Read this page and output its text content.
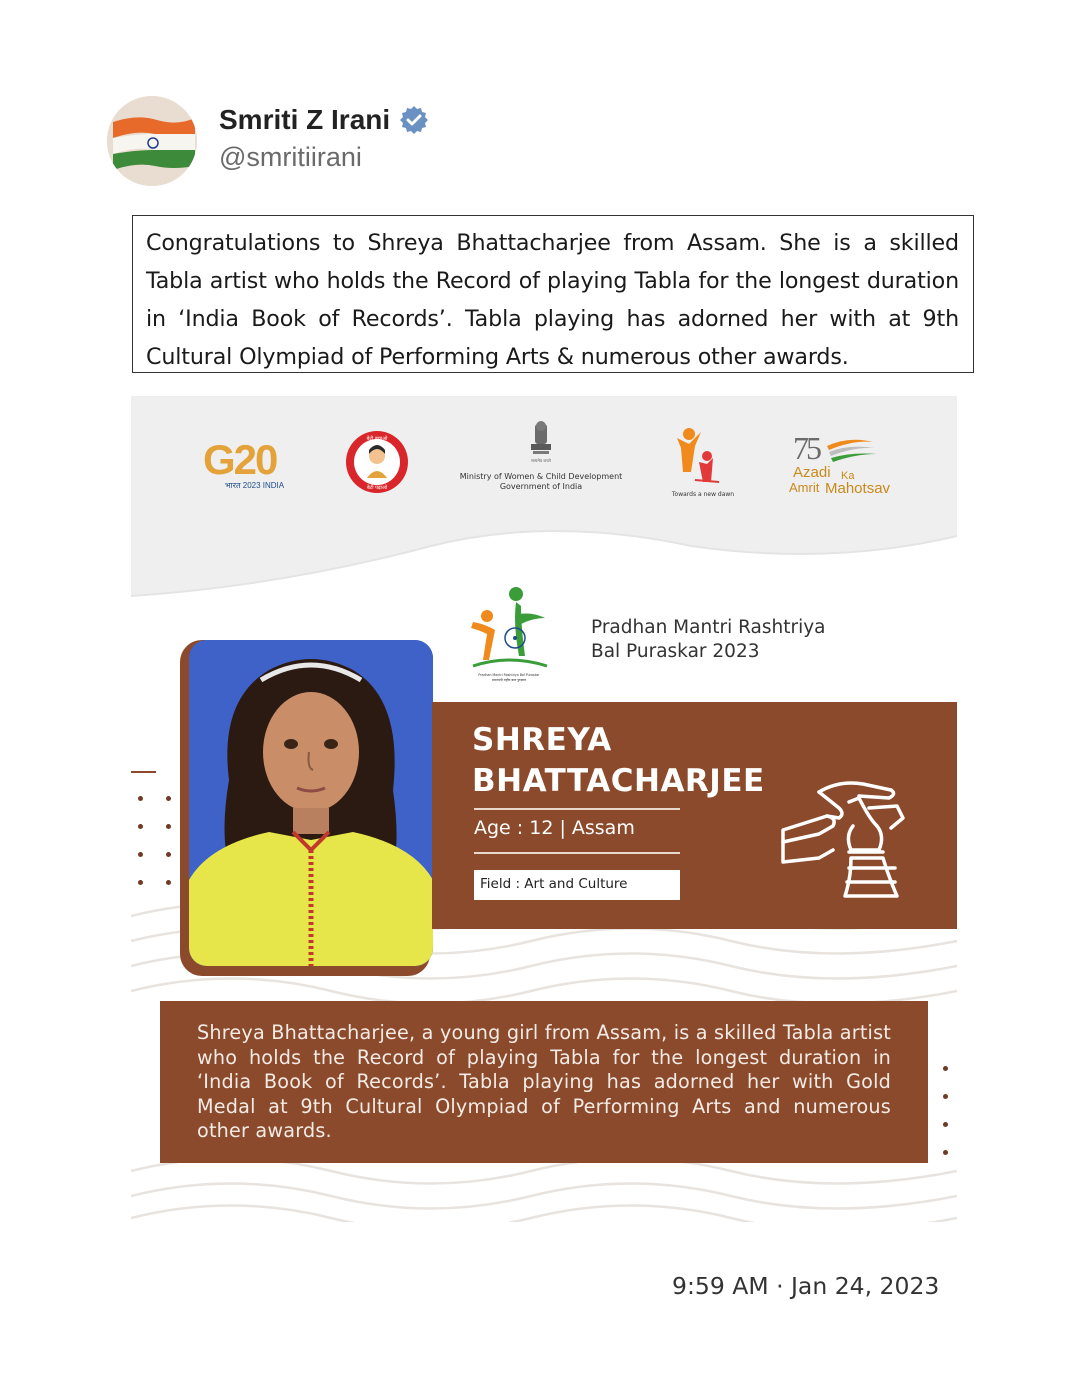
Smriti Z Irani
@smritiirani

Congratulations to Shreya Bhattacharjee from Assam. She is a skilled Tabla artist who holds the Record of playing Tabla for the longest duration in ‘India Book of Records’. Tabla playing has adorned her with at 9th Cultural Olympiad of Performing Arts & numerous other awards.

G20
भारत 2023 INDIA
बेटी बचाओ
बेटी पढ़ाओ
सत्यमेव जयते
Ministry of Women & Child Development
Government of India
Towards a new dawn
75
Azadi Ka
Amrit Mahotsav
Pradhan Mantri Rashtriya Bal Puraskar
प्रधानमंत्री राष्ट्रीय बाल पुरस्कार
Pradhan Mantri Rashtriya
Bal Puraskar 2023
SHREYA
BHATTACHARJEE
Age : 12 | Assam
Field : Art and Culture

Shreya Bhattacharjee, a young girl from Assam, is a skilled Tabla artist who holds the Record of playing Tabla for the longest duration in ‘India Book of Records’. Tabla playing has adorned her with Gold Medal at 9th Cultural Olympiad of Performing Arts and numerous other awards.

9:59 AM · Jan 24, 2023
